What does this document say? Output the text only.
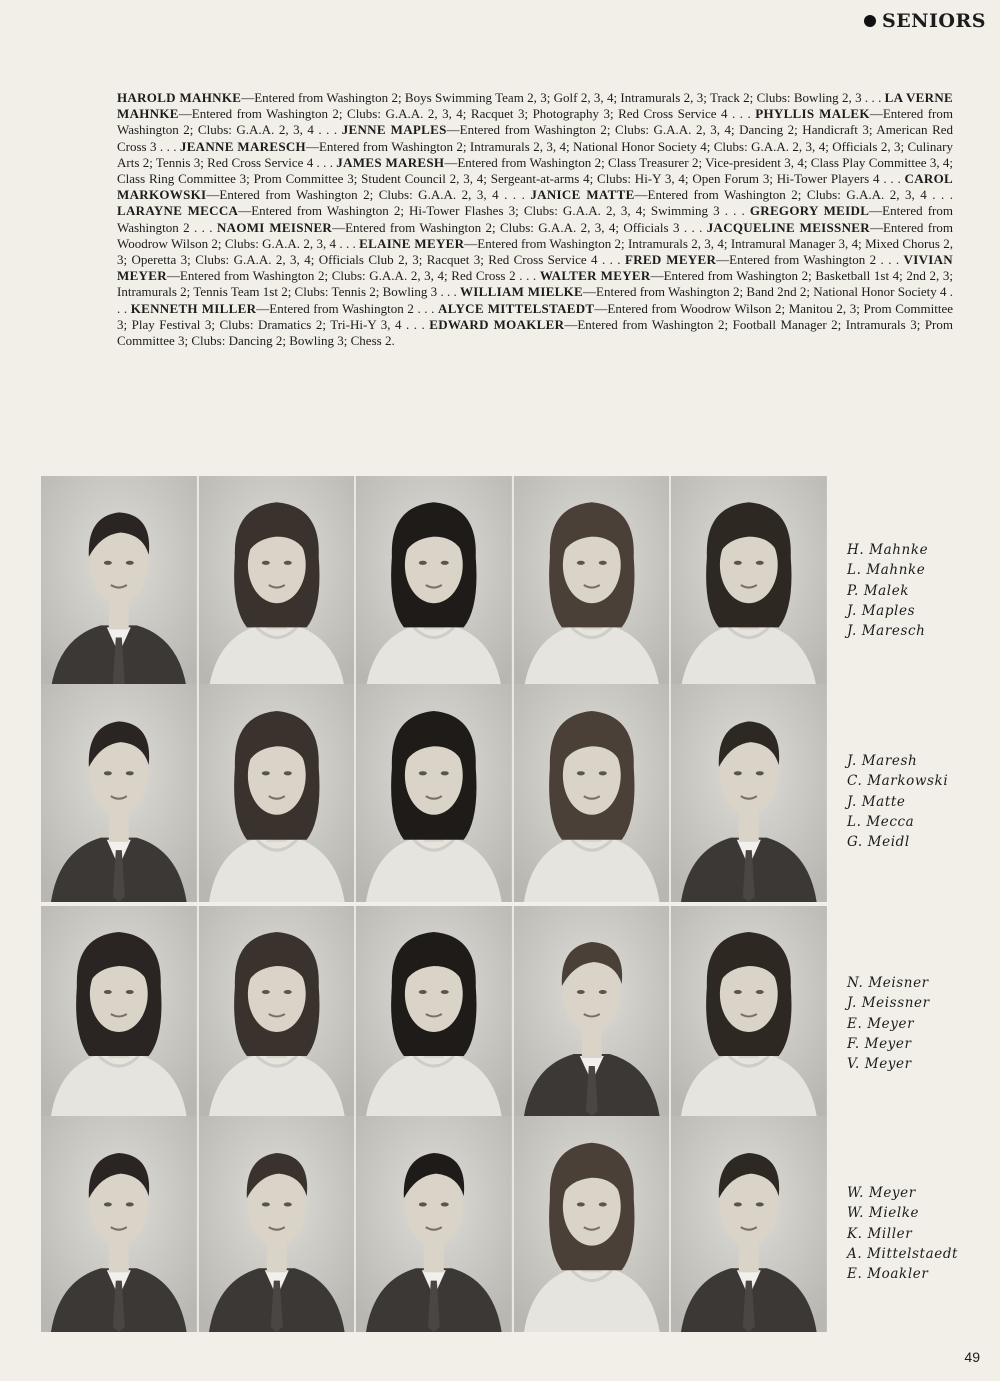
SENIORS
HAROLD MAHNKE—Entered from Washington 2; Boys Swimming Team 2, 3; Golf 2, 3, 4; Intramurals 2, 3; Track 2; Clubs: Bowling 2, 3 . . . LA VERNE MAHNKE—Entered from Washington 2; Clubs: G.A.A. 2, 3, 4; Racquet 3; Photography 3; Red Cross Service 4 . . . PHYLLIS MALEK—Entered from Washington 2; Clubs: G.A.A. 2, 3, 4 . . . JENNE MAPLES—Entered from Washington 2; Clubs: G.A.A. 2, 3, 4; Dancing 2; Handicraft 3; American Red Cross 3 . . . JEANNE MARESCH—Entered from Washington 2; Intramurals 2, 3, 4; National Honor Society 4; Clubs: G.A.A. 2, 3, 4; Officials 2, 3; Culinary Arts 2; Tennis 3; Red Cross Service 4 . . . JAMES MARESH—Entered from Washington 2; Class Treasurer 2; Vice-president 3, 4; Class Play Committee 3, 4; Class Ring Committee 3; Prom Committee 3; Student Council 2, 3, 4; Sergeant-at-arms 4; Clubs: Hi-Y 3, 4; Open Forum 3; Hi-Tower Players 4 . . . CAROL MARKOWSKI—Entered from Washington 2; Clubs: G.A.A. 2, 3, 4 . . . JANICE MATTE—Entered from Washington 2; Clubs: G.A.A. 2, 3, 4 . . . LARAYNE MECCA—Entered from Washington 2; Hi-Tower Flashes 3; Clubs: G.A.A. 2, 3, 4; Swimming 3 . . . GREGORY MEIDL—Entered from Washington 2 . . . NAOMI MEISNER—Entered from Washington 2; Clubs: G.A.A. 2, 3, 4; Officials 3 . . . JACQUELINE MEISSNER—Entered from Woodrow Wilson 2; Clubs: G.A.A. 2, 3, 4 . . . ELAINE MEYER—Entered from Washington 2; Intramurals 2, 3, 4; Intramural Manager 3, 4; Mixed Chorus 2, 3; Operetta 3; Clubs: G.A.A. 2, 3, 4; Officials Club 2, 3; Racquet 3; Red Cross Service 4 . . . FRED MEYER—Entered from Washington 2 . . . VIVIAN MEYER—Entered from Washington 2; Clubs: G.A.A. 2, 3, 4; Red Cross 2 . . . WALTER MEYER—Entered from Washington 2; Basketball 1st 4; 2nd 2, 3; Intramurals 2; Tennis Team 1st 2; Clubs: Tennis 2; Bowling 3 . . . WILLIAM MIELKE—Entered from Washington 2; Band 2nd 2; National Honor Society 4 . . . KENNETH MILLER—Entered from Washington 2 . . . ALYCE MITTELSTAEDT—Entered from Woodrow Wilson 2; Manitou 2, 3; Prom Committee 3; Play Festival 3; Clubs: Dramatics 2; Tri-Hi-Y 3, 4 . . . EDWARD MOAKLER—Entered from Washington 2; Football Manager 2; Intramurals 3; Prom Committee 3; Clubs: Dancing 2; Bowling 3; Chess 2.
H. Mahnke
L. Mahnke
P. Malek
J. Maples
J. Maresch
J. Maresh
C. Markowski
J. Matte
L. Mecca
G. Meidl
N. Meisner
J. Meissner
E. Meyer
F. Meyer
V. Meyer
W. Meyer
W. Mielke
K. Miller
A. Mittelstaedt
E. Moakler
49
